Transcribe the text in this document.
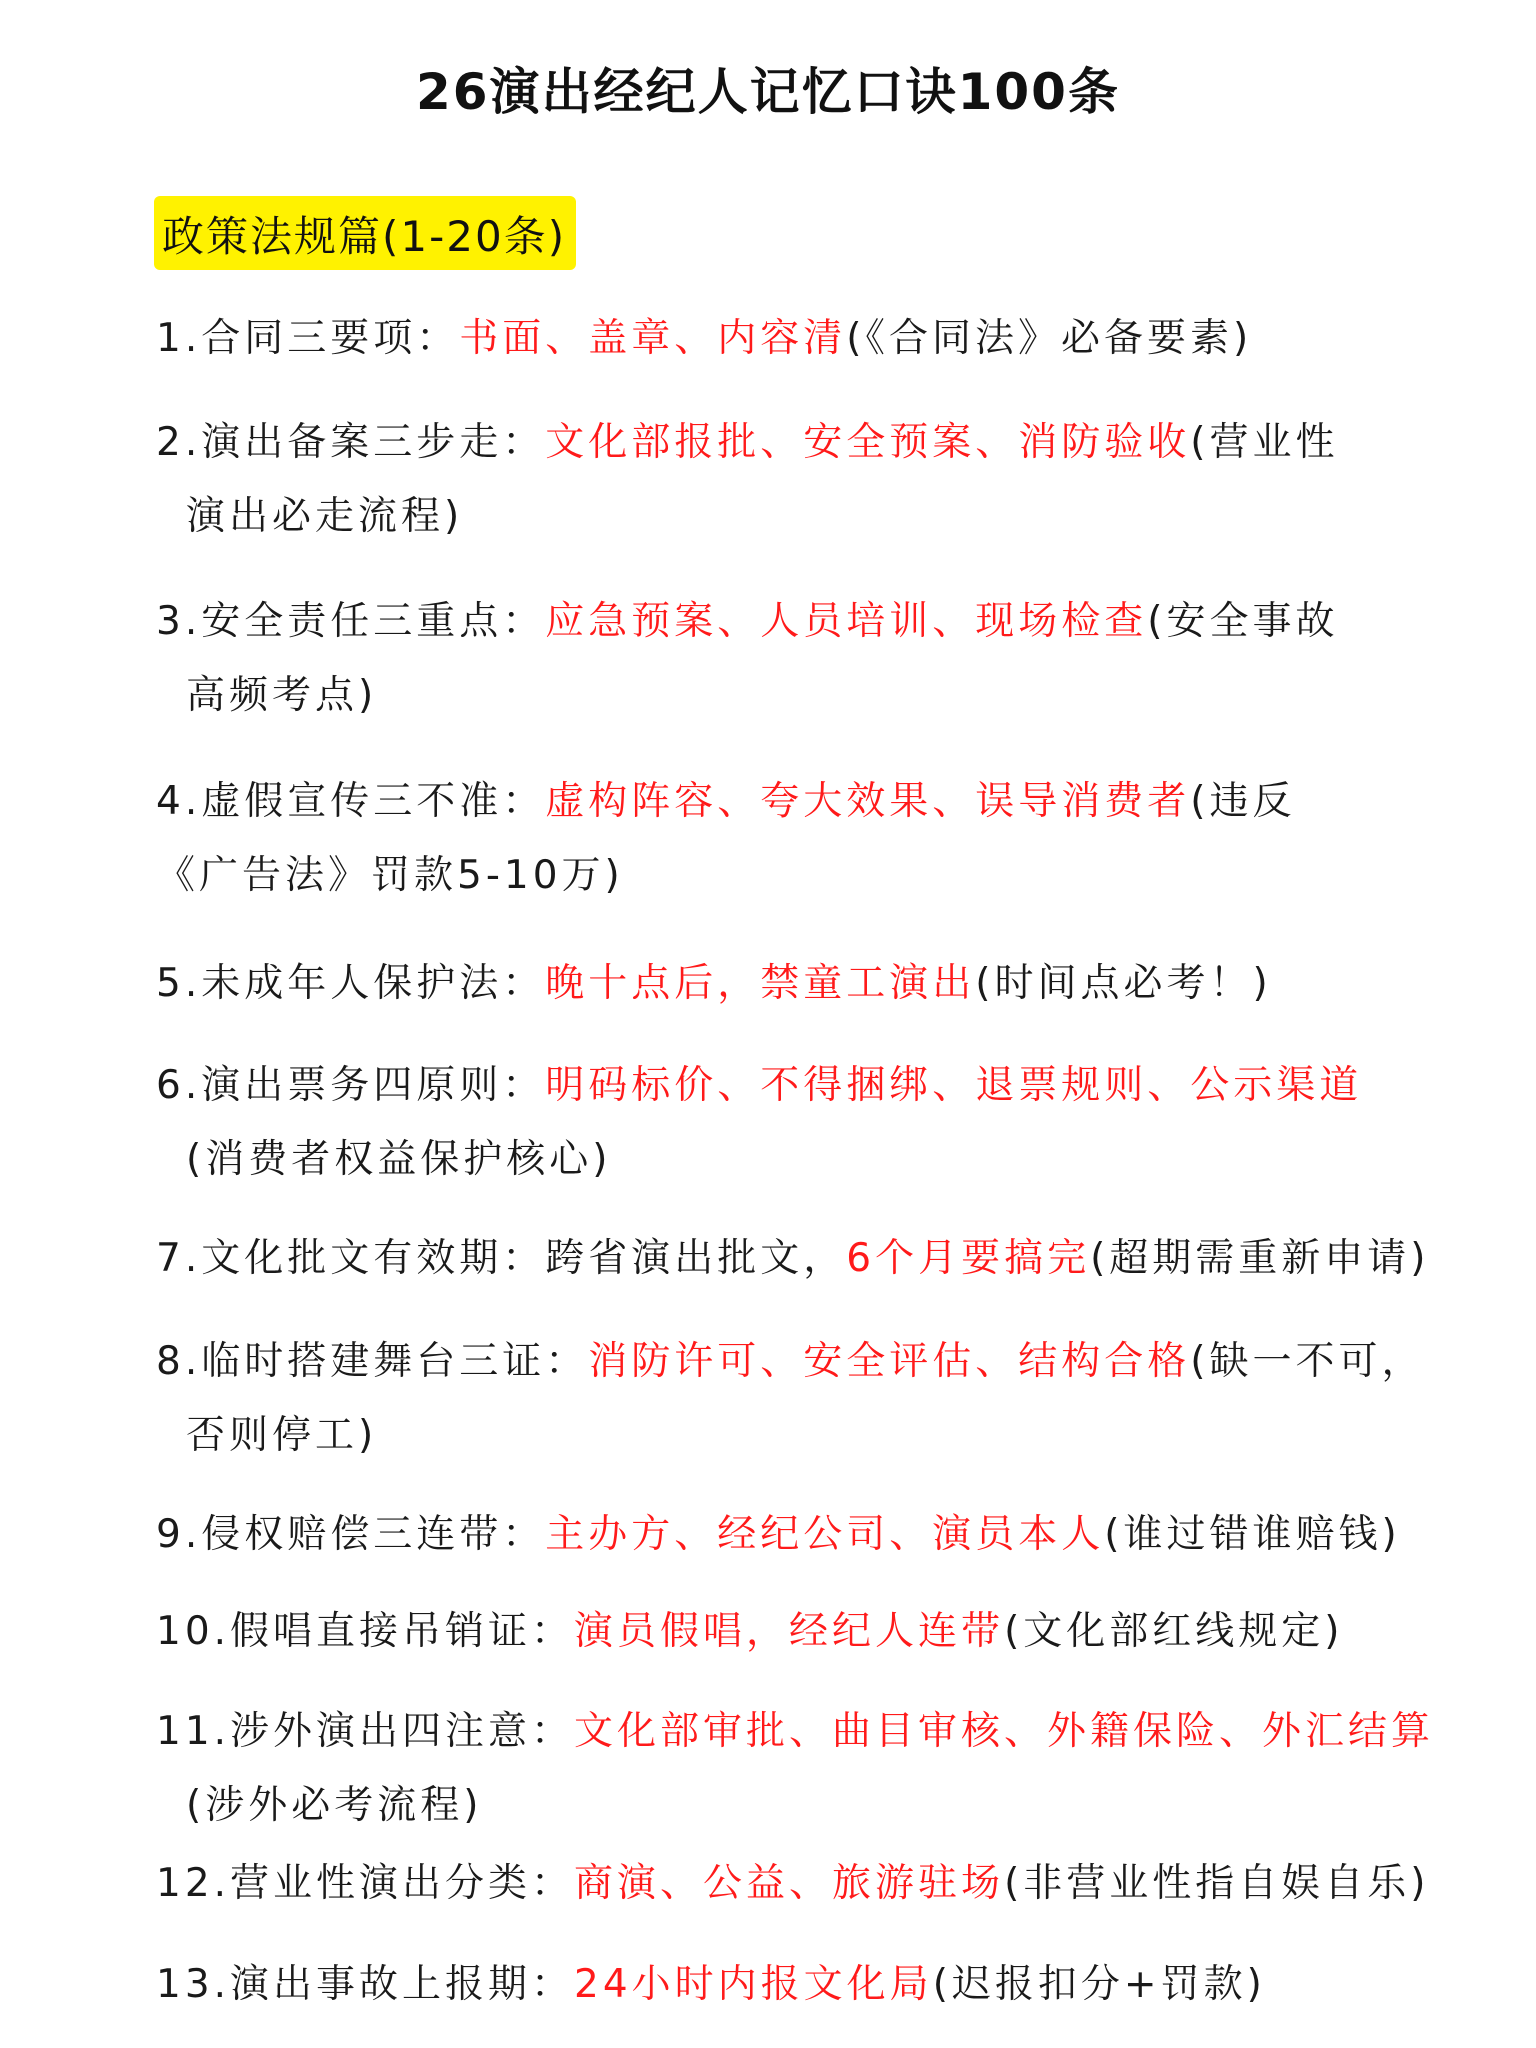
26演出经纪人记忆口诀100条
政策法规篇(1-20条)
1.合同三要项：书面、盖章、内容清(《合同法》必备要素)
2.演出备案三步走：文化部报批、安全预案、消防验收(营业性
演出必走流程)
3.安全责任三重点：应急预案、人员培训、现场检查(安全事故
高频考点)
4.虚假宣传三不准：虚构阵容、夸大效果、误导消费者(违反
《广告法》罚款5-10万)
5.未成年人保护法：晚十点后，禁童工演出(时间点必考！)
6.演出票务四原则：明码标价、不得捆绑、退票规则、公示渠道
(消费者权益保护核心)
7.文化批文有效期：跨省演出批文，6个月要搞完(超期需重新申请)
8.临时搭建舞台三证：消防许可、安全评估、结构合格(缺一不可，
否则停工)
9.侵权赔偿三连带：主办方、经纪公司、演员本人(谁过错谁赔钱)
10.假唱直接吊销证：演员假唱，经纪人连带(文化部红线规定)
11.涉外演出四注意：文化部审批、曲目审核、外籍保险、外汇结算
(涉外必考流程)
12.营业性演出分类：商演、公益、旅游驻场(非营业性指自娱自乐)
13.演出事故上报期：24小时内报文化局(迟报扣分+罚款)
